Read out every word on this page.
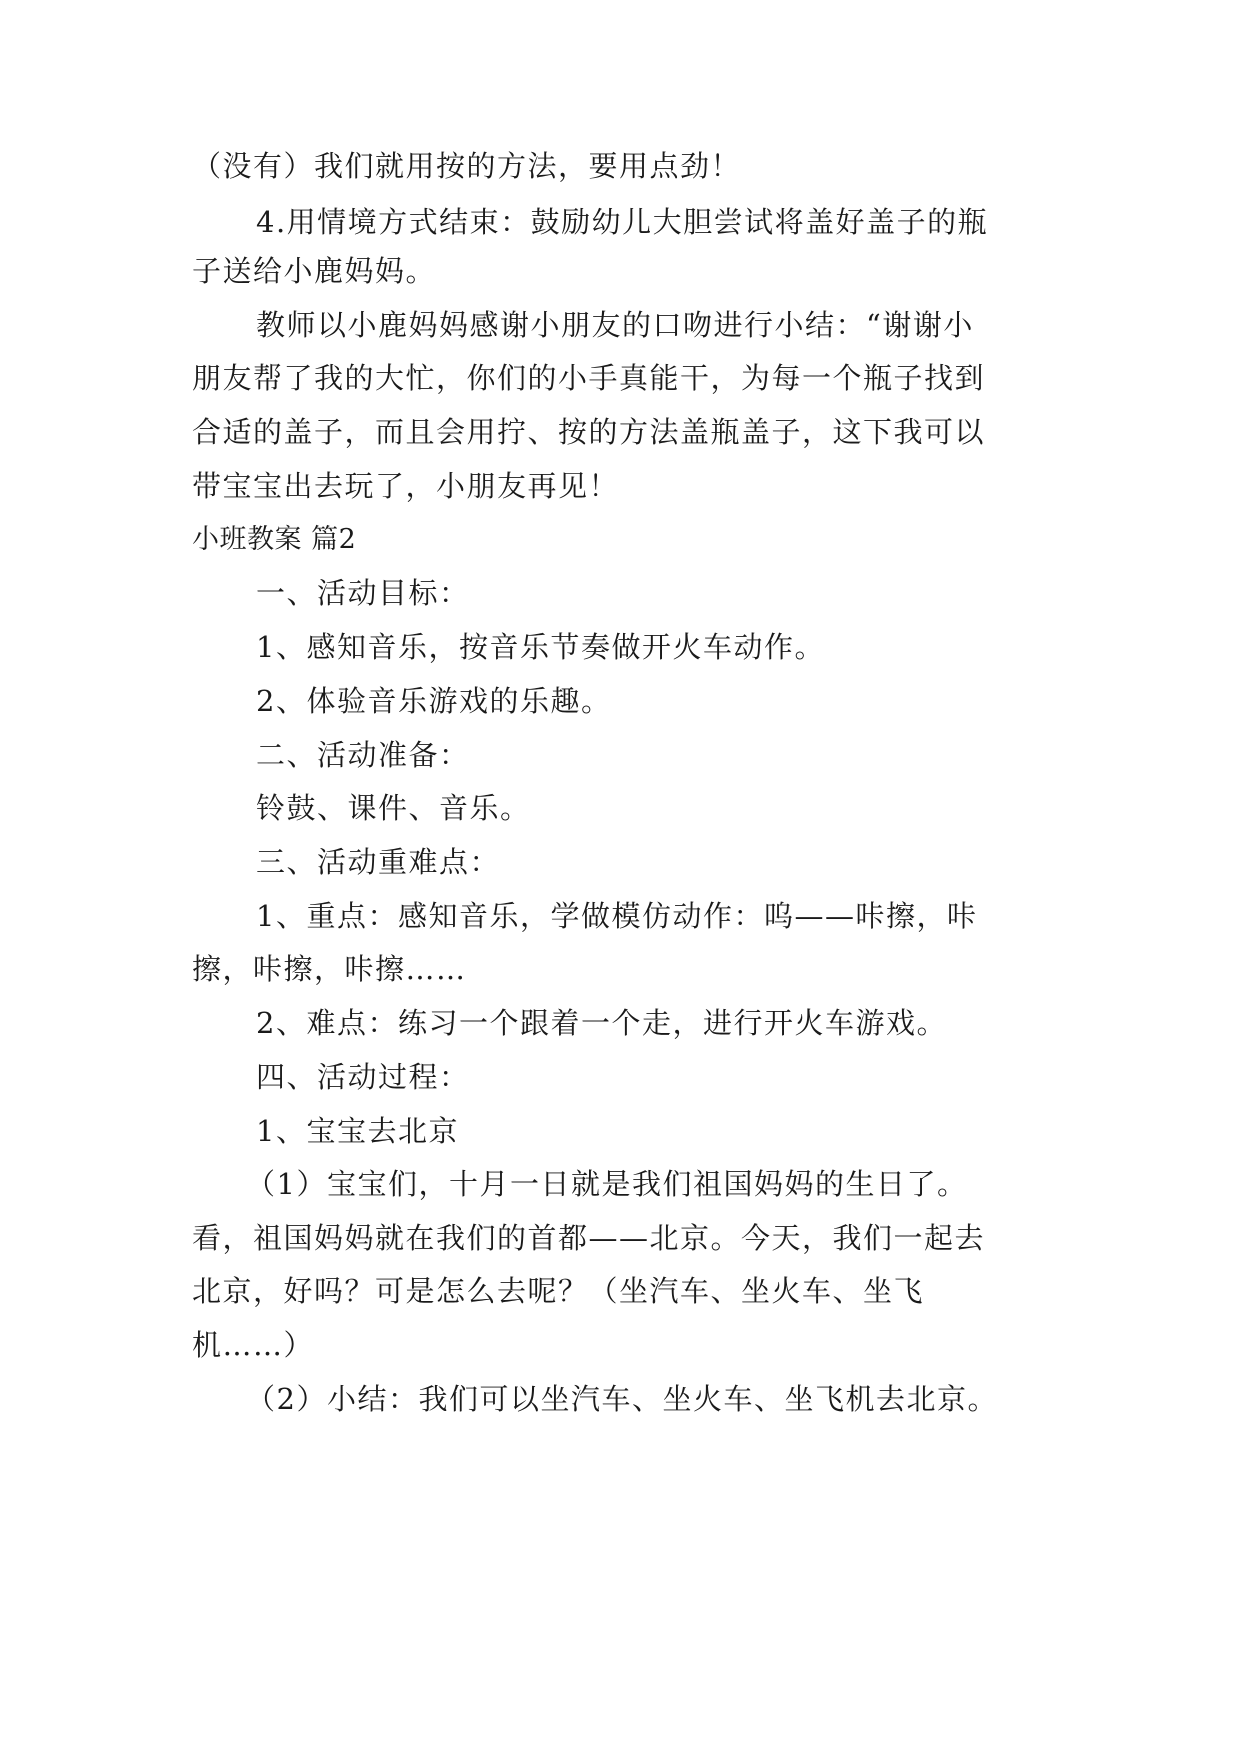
（没有）我们就用按的方法，要用点劲！
4.用情境方式结束：鼓励幼儿大胆尝试将盖好盖子的瓶
子送给小鹿妈妈。
教师以小鹿妈妈感谢小朋友的口吻进行小结：“谢谢小
朋友帮了我的大忙，你们的小手真能干，为每一个瓶子找到
合适的盖子，而且会用拧、按的方法盖瓶盖子，这下我可以
带宝宝出去玩了，小朋友再见！
小班教案 篇2
一、活动目标：
1、感知音乐，按音乐节奏做开火车动作。
2、体验音乐游戏的乐趣。
二、活动准备：
铃鼓、课件、音乐。
三、活动重难点：
1、重点：感知音乐，学做模仿动作：呜——咔擦，咔
擦，咔擦，咔擦……
2、难点：练习一个跟着一个走，进行开火车游戏。
四、活动过程：
1、宝宝去北京
（1）宝宝们，十月一日就是我们祖国妈妈的生日了。
看，祖国妈妈就在我们的首都——北京。今天，我们一起去
北京，好吗？可是怎么去呢？（坐汽车、坐火车、坐飞
机……）
（2）小结：我们可以坐汽车、坐火车、坐飞机去北京。
